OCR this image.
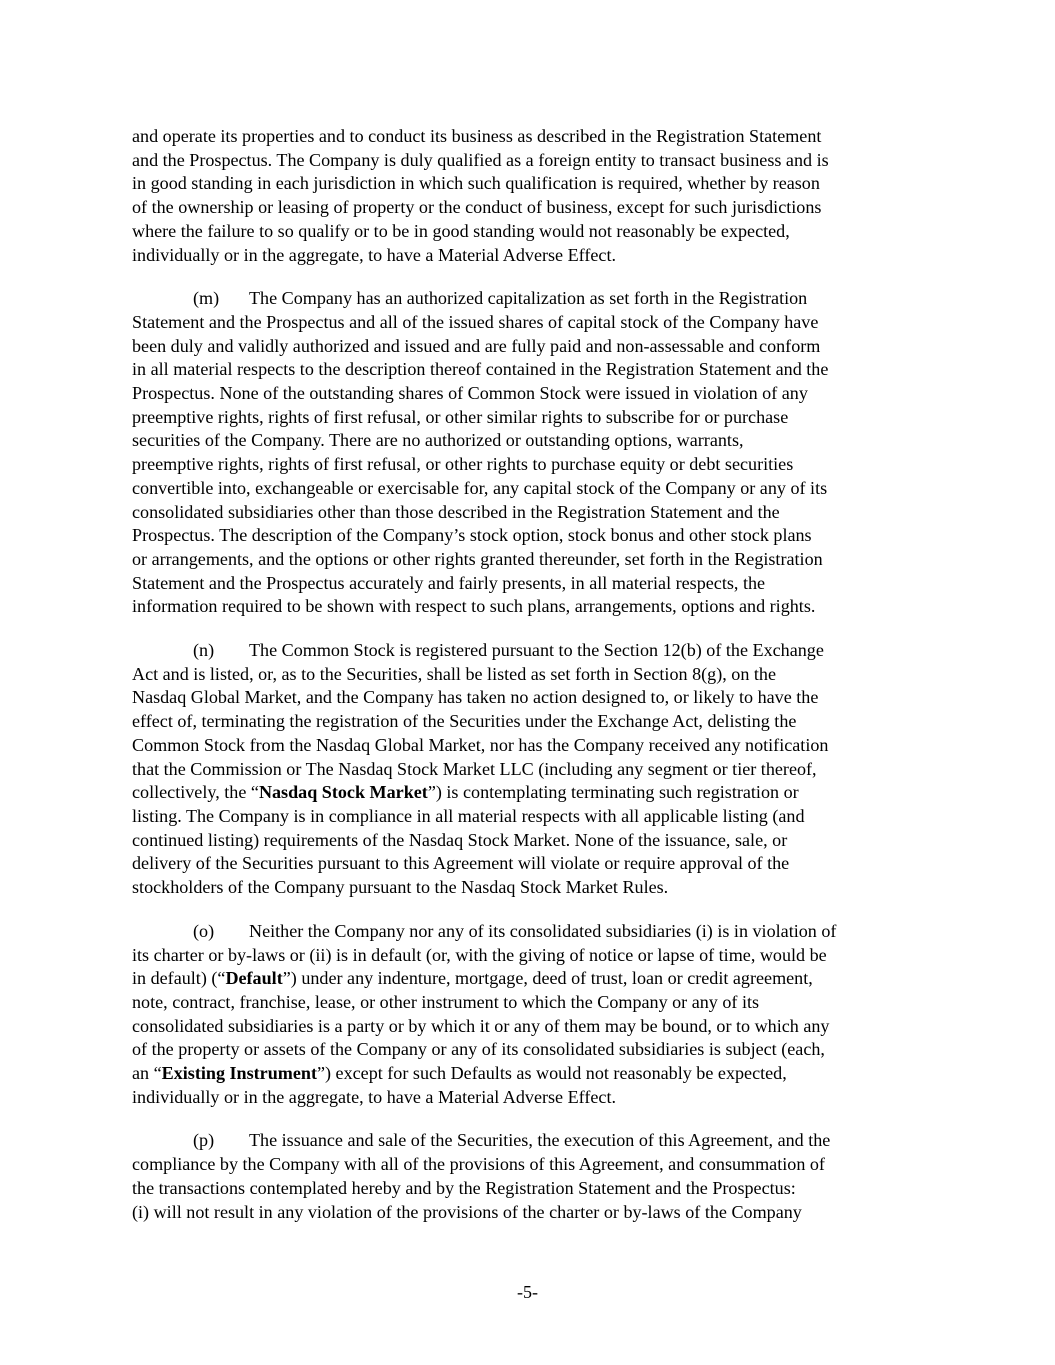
and operate its properties and to conduct its business as described in the Registration Statement
and the Prospectus. The Company is duly qualified as a foreign entity to transact business and is
in good standing in each jurisdiction in which such qualification is required, whether by reason
of the ownership or leasing of property or the conduct of business, except for such jurisdictions
where the failure to so qualify or to be in good standing would not reasonably be expected,
individually or in the aggregate, to have a Material Adverse Effect.

(m) The Company has an authorized capitalization as set forth in the Registration
Statement and the Prospectus and all of the issued shares of capital stock of the Company have
been duly and validly authorized and issued and are fully paid and non-assessable and conform
in all material respects to the description thereof contained in the Registration Statement and the
Prospectus. None of the outstanding shares of Common Stock were issued in violation of any
preemptive rights, rights of first refusal, or other similar rights to subscribe for or purchase
securities of the Company. There are no authorized or outstanding options, warrants,
preemptive rights, rights of first refusal, or other rights to purchase equity or debt securities
convertible into, exchangeable or exercisable for, any capital stock of the Company or any of its
consolidated subsidiaries other than those described in the Registration Statement and the
Prospectus. The description of the Company’s stock option, stock bonus and other stock plans
or arrangements, and the options or other rights granted thereunder, set forth in the Registration
Statement and the Prospectus accurately and fairly presents, in all material respects, the
information required to be shown with respect to such plans, arrangements, options and rights.

(n) The Common Stock is registered pursuant to the Section 12(b) of the Exchange
Act and is listed, or, as to the Securities, shall be listed as set forth in Section 8(g), on the
Nasdaq Global Market, and the Company has taken no action designed to, or likely to have the
effect of, terminating the registration of the Securities under the Exchange Act, delisting the
Common Stock from the Nasdaq Global Market, nor has the Company received any notification
that the Commission or The Nasdaq Stock Market LLC (including any segment or tier thereof,
collectively, the “Nasdaq Stock Market”) is contemplating terminating such registration or
listing. The Company is in compliance in all material respects with all applicable listing (and
continued listing) requirements of the Nasdaq Stock Market. None of the issuance, sale, or
delivery of the Securities pursuant to this Agreement will violate or require approval of the
stockholders of the Company pursuant to the Nasdaq Stock Market Rules.

(o) Neither the Company nor any of its consolidated subsidiaries (i) is in violation of
its charter or by-laws or (ii) is in default (or, with the giving of notice or lapse of time, would be
in default) (“Default”) under any indenture, mortgage, deed of trust, loan or credit agreement,
note, contract, franchise, lease, or other instrument to which the Company or any of its
consolidated subsidiaries is a party or by which it or any of them may be bound, or to which any
of the property or assets of the Company or any of its consolidated subsidiaries is subject (each,
an “Existing Instrument”) except for such Defaults as would not reasonably be expected,
individually or in the aggregate, to have a Material Adverse Effect.

(p) The issuance and sale of the Securities, the execution of this Agreement, and the
compliance by the Company with all of the provisions of this Agreement, and consummation of
the transactions contemplated hereby and by the Registration Statement and the Prospectus:
(i) will not result in any violation of the provisions of the charter or by-laws of the Company

-5-
